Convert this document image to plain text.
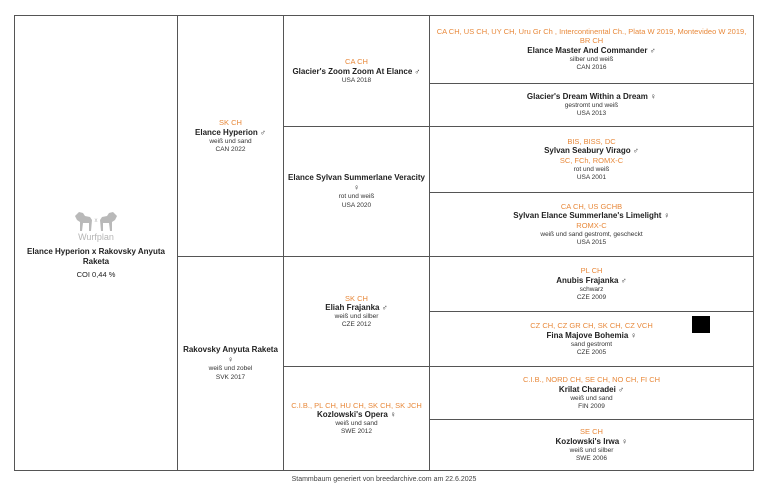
x
Wurfplan
Elance Hyperion x Rakovsky Anyuta Raketa
COI 0,44 %
SK CH
Elance Hyperion ♂
weiß und sand
CAN 2022
Rakovsky Anyuta Raketa ♀
weiß und zobel
SVK 2017
CA CH
Glacier's Zoom Zoom At Elance ♂
USA 2018
Elance Sylvan Summerlane Veracity ♀
rot und weiß
USA 2020
SK CH
Eliah Frajanka ♂
weiß und silber
CZE 2012
C.I.B., PL CH, HU CH, SK CH, SK JCH
Kozlowski's Opera ♀
weiß und sand
SWE 2012
CA CH, US CH, UY CH, Uru Gr Ch , Intercontinental Ch., Plata W 2019, Montevideo W 2019, BR CH
Elance Master And Commander ♂
silber und weiß
CAN 2016
Glacier's Dream Within a Dream ♀
gestromt und weiß
USA 2013
BIS, BISS, DC
Sylvan Seabury Virago ♂
SC, FCh, ROMX-C
rot und weiß
USA 2001
CA CH, US GCHB
Sylvan Elance Summerlane's Limelight ♀
ROMX-C
weiß und sand gestromt, gescheckt
USA 2015
PL CH
Anubis Frajanka ♂
schwarz
CZE 2009
CZ CH, CZ GR CH, SK CH, CZ VCH
Fina Majove Bohemia ♀
sand gestromt
CZE 2005
C.I.B., NORD CH, SE CH, NO CH, FI CH
Krilat Charadei ♂
weiß und sand
FIN 2009
SE CH
Kozlowski's Irwa ♀
weiß und silber
SWE 2006
Stammbaum generiert von breedarchive.com am 22.6.2025
